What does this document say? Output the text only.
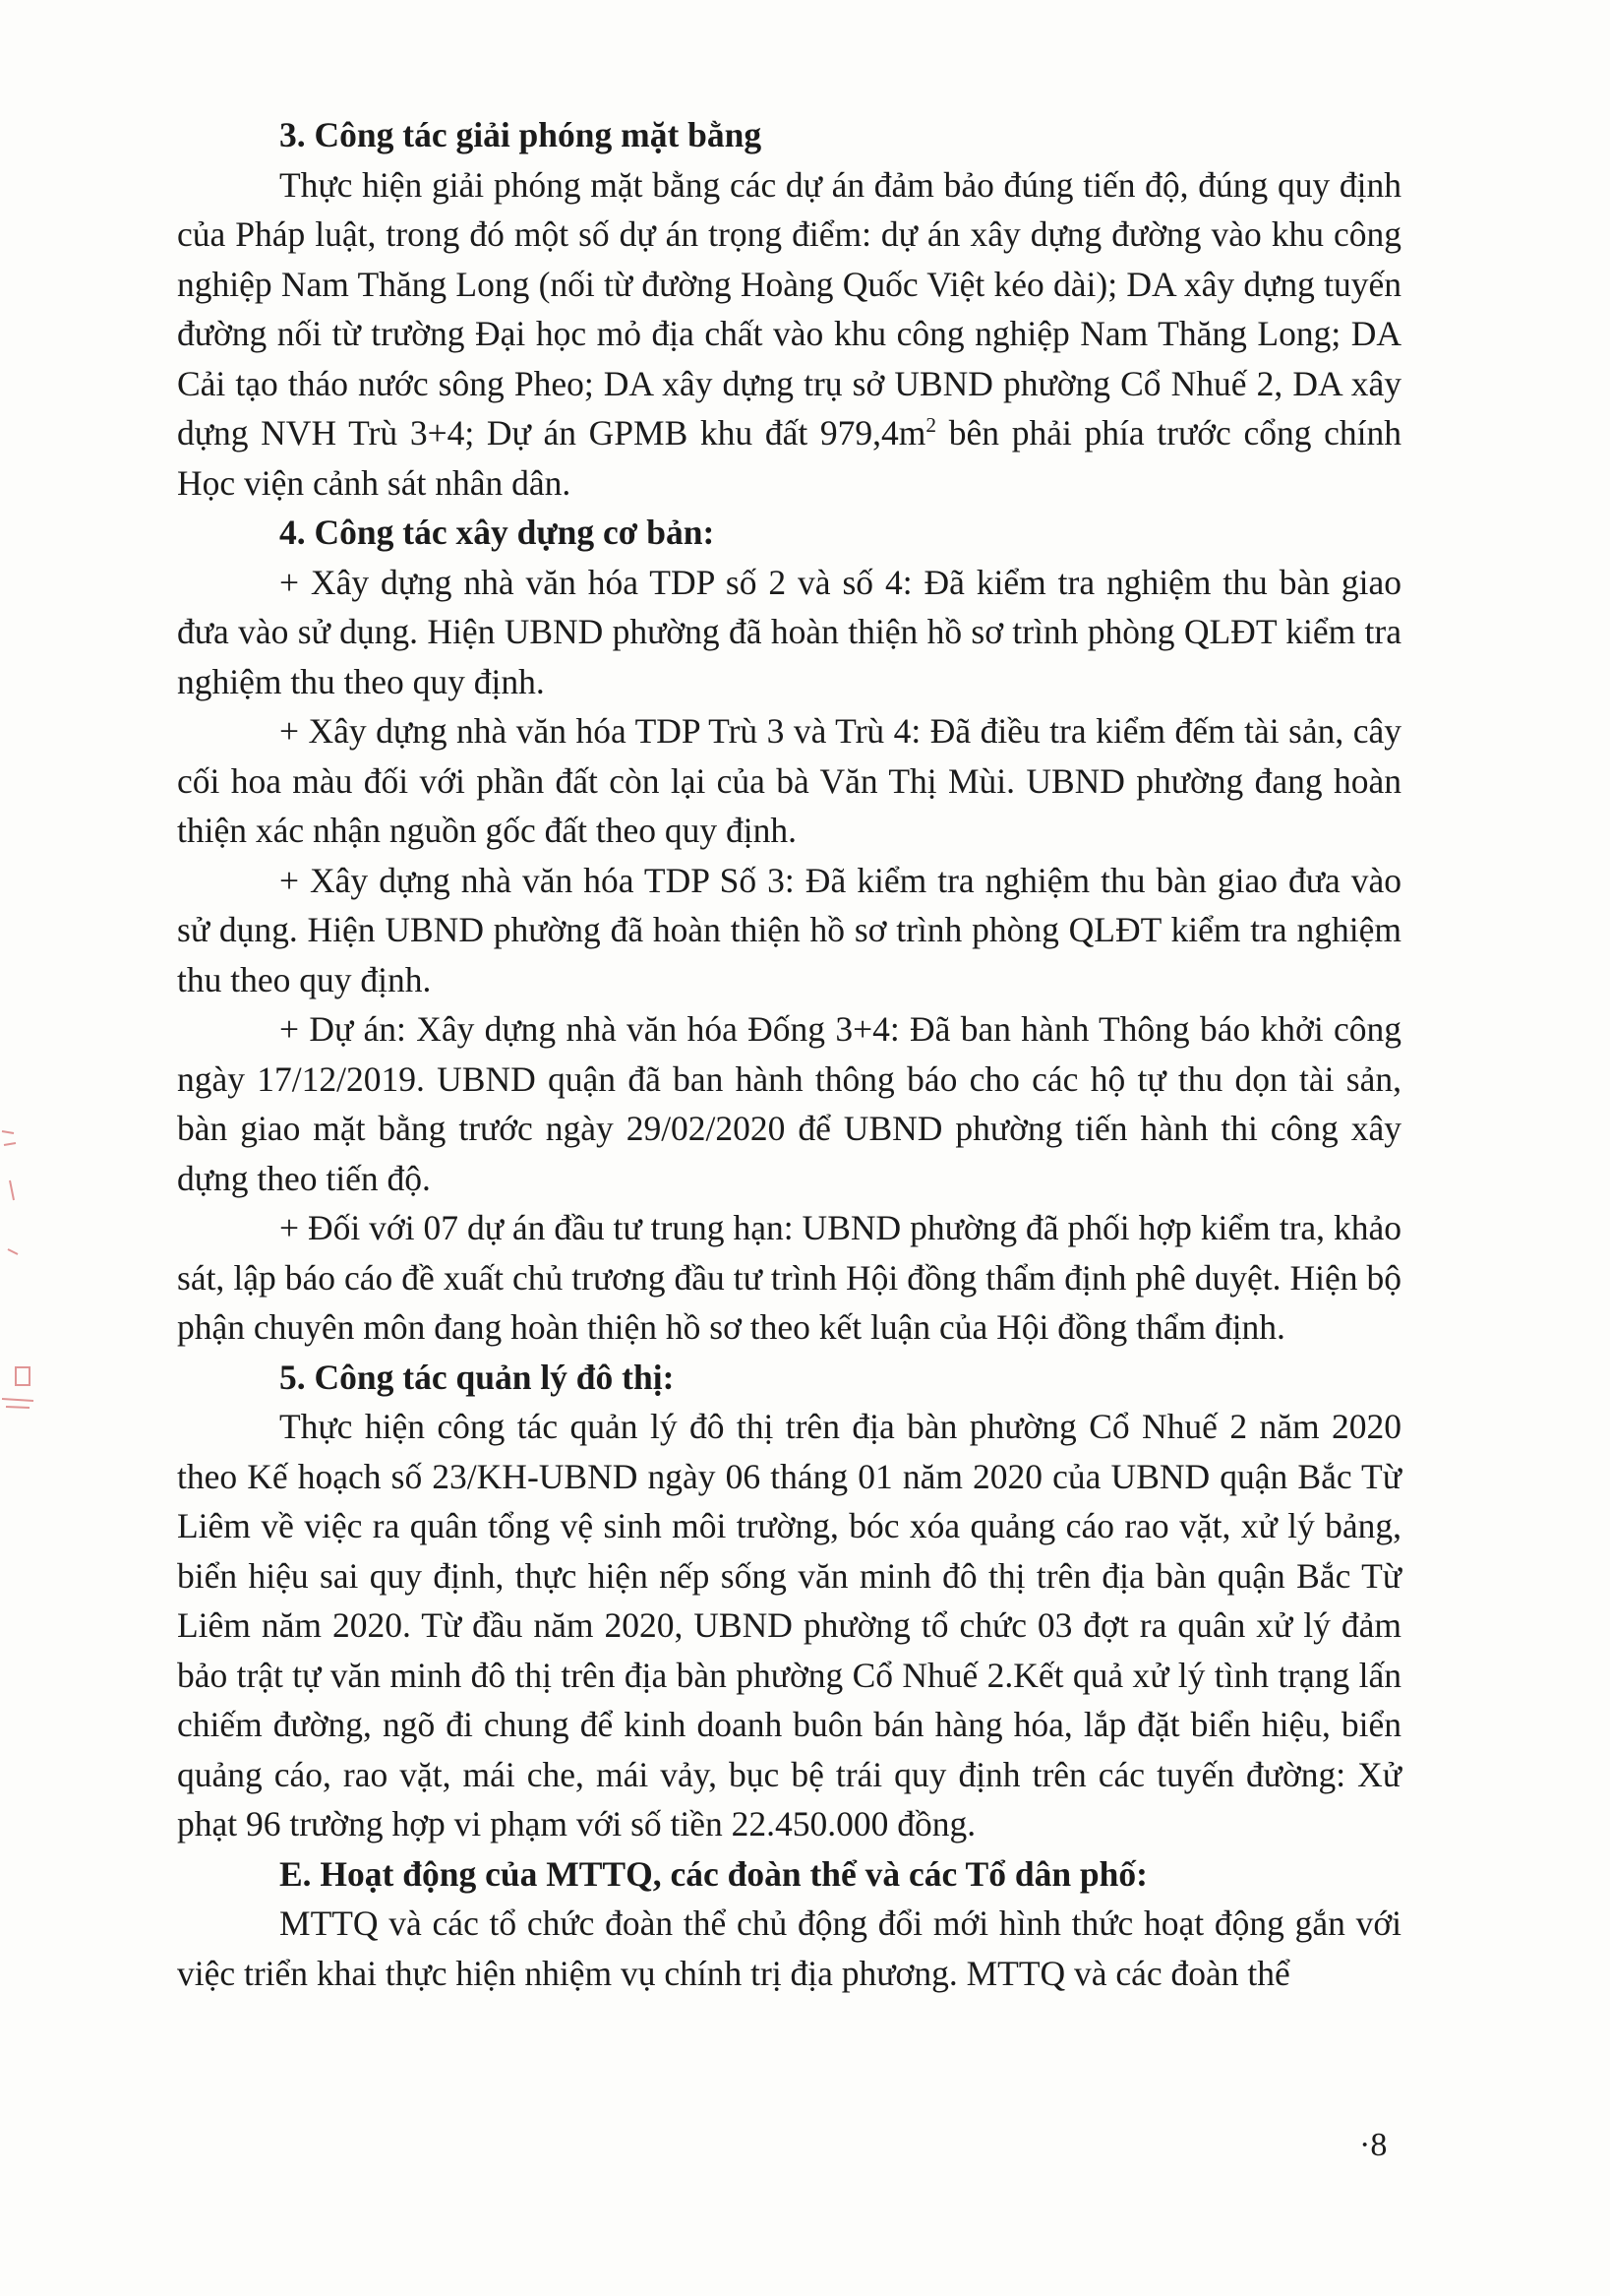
3. Công tác giải phóng mặt bằng

Thực hiện giải phóng mặt bằng các dự án đảm bảo đúng tiến độ, đúng quy định của Pháp luật, trong đó một số dự án trọng điểm: dự án xây dựng đường vào khu công nghiệp Nam Thăng Long (nối từ đường Hoàng Quốc Việt kéo dài); DA xây dựng tuyến đường nối từ trường Đại học mỏ địa chất vào khu công nghiệp Nam Thăng Long; DA Cải tạo tháo nước sông Pheo; DA xây dựng trụ sở UBND phường Cổ Nhuế 2, DA xây dựng NVH Trù 3+4; Dự án GPMB khu đất $979,4m^2$ bên phải phía trước cổng chính Học viện cảnh sát nhân dân.

4. Công tác xây dựng cơ bản:

+ Xây dựng nhà văn hóa TDP số 2 và số 4: Đã kiểm tra nghiệm thu bàn giao đưa vào sử dụng. Hiện UBND phường đã hoàn thiện hồ sơ trình phòng QLĐT kiểm tra nghiệm thu theo quy định.

+ Xây dựng nhà văn hóa TDP Trù 3 và Trù 4: Đã điều tra kiểm đếm tài sản, cây cối hoa màu đối với phần đất còn lại của bà Văn Thị Mùi. UBND phường đang hoàn thiện xác nhận nguồn gốc đất theo quy định.

+ Xây dựng nhà văn hóa TDP Số 3: Đã kiểm tra nghiệm thu bàn giao đưa vào sử dụng. Hiện UBND phường đã hoàn thiện hồ sơ trình phòng QLĐT kiểm tra nghiệm thu theo quy định.

+ Dự án: Xây dựng nhà văn hóa Đống 3+4: Đã ban hành Thông báo khởi công ngày 17/12/2019. UBND quận đã ban hành thông báo cho các hộ tự thu dọn tài sản, bàn giao mặt bằng trước ngày 29/02/2020 để UBND phường tiến hành thi công xây dựng theo tiến độ.

+ Đối với 07 dự án đầu tư trung hạn: UBND phường đã phối hợp kiểm tra, khảo sát, lập báo cáo đề xuất chủ trương đầu tư trình Hội đồng thẩm định phê duyệt. Hiện bộ phận chuyên môn đang hoàn thiện hồ sơ theo kết luận của Hội đồng thẩm định.

5. Công tác quản lý đô thị:

Thực hiện công tác quản lý đô thị trên địa bàn phường Cổ Nhuế 2 năm 2020 theo Kế hoạch số 23/KH-UBND ngày 06 tháng 01 năm 2020 của UBND quận Bắc Từ Liêm về việc ra quân tổng vệ sinh môi trường, bóc xóa quảng cáo rao vặt, xử lý bảng, biển hiệu sai quy định, thực hiện nếp sống văn minh đô thị trên địa bàn quận Bắc Từ Liêm năm 2020. Từ đầu năm 2020, UBND phường tổ chức 03 đợt ra quân xử lý đảm bảo trật tự văn minh đô thị trên địa bàn phường Cổ Nhuế 2.Kết quả xử lý tình trạng lấn chiếm đường, ngõ đi chung để kinh doanh buôn bán hàng hóa, lắp đặt biển hiệu, biển quảng cáo, rao vặt, mái che, mái vảy, bục bệ trái quy định trên các tuyến đường: Xử phạt 96 trường hợp vi phạm với số tiền 22.450.000 đồng.

E. Hoạt động của MTTQ, các đoàn thể và các Tổ dân phố:

MTTQ và các tổ chức đoàn thể chủ động đổi mới hình thức hoạt động gắn với việc triển khai thực hiện nhiệm vụ chính trị địa phương. MTTQ và các đoàn thể

·8
